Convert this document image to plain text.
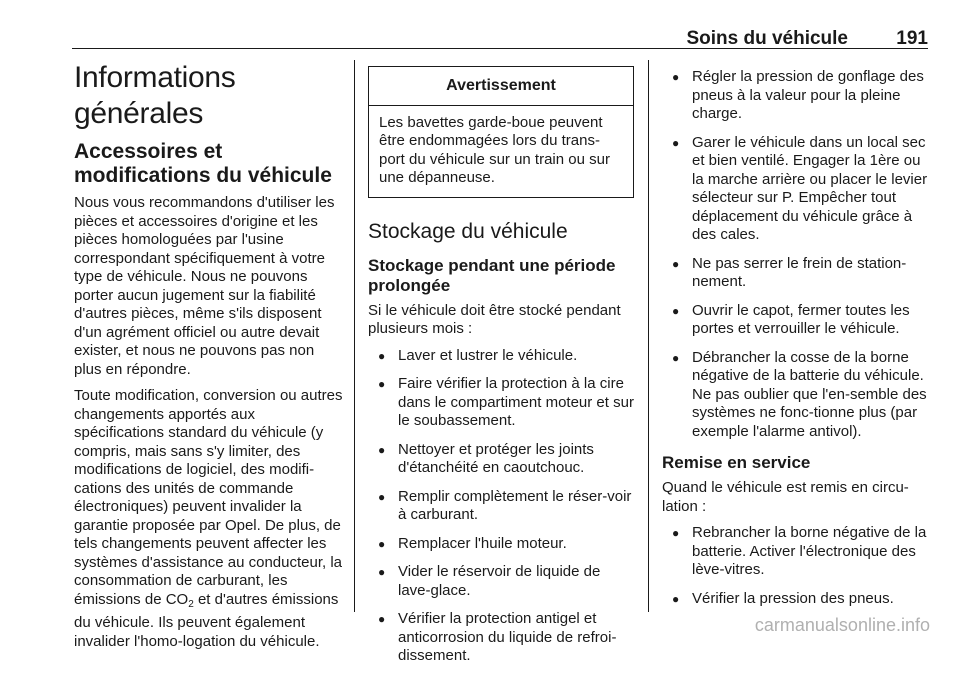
Soins du véhicule	191
Informations générales
Accessoires et modifications du véhicule

Nous vous recommandons d'utiliser les pièces et accessoires d'origine et les pièces homologuées par l'usine correspondant spécifiquement à votre type de véhicule. Nous ne pouvons porter aucun jugement sur la fiabilité d'autres pièces, même s'ils disposent d'un agrément officiel ou autre devait exister, et nous ne pouvons pas non plus en répondre.

Toute modification, conversion ou autres changements apportés aux spécifications standard du véhicule (y compris, mais sans s'y limiter, des modifications de logiciel, des modifi-cations des unités de commande électroniques) peuvent invalider la garantie proposée par Opel. De plus, de tels changements peuvent affecter les systèmes d'assistance au conducteur, la consommation de carburant, les émissions de $CO_2$ et d'autres émissions du véhicule. Ils peuvent également invalider l'homo-logation du véhicule.

Avertissement
Les bavettes garde-boue peuvent être endommagées lors du trans-port du véhicule sur un train ou sur une dépanneuse.
Stockage du véhicule
Stockage pendant une période prolongée

Si le véhicule doit être stocké pendant plusieurs mois :

● Laver et lustrer le véhicule.
● Faire vérifier la protection à la cire dans le compartiment moteur et sur le soubassement.
● Nettoyer et protéger les joints d'étanchéité en caoutchouc.
● Remplir complètement le réser-voir à carburant.
● Remplacer l'huile moteur.
● Vider le réservoir de liquide de lave-glace.
● Vérifier la protection antigel et anticorrosion du liquide de refroi-dissement.
● Régler la pression de gonflage des pneus à la valeur pour la pleine charge.
● Garer le véhicule dans un local sec et bien ventilé. Engager la 1ère ou la marche arrière ou placer le levier sélecteur sur P. Empêcher tout déplacement du véhicule grâce à des cales.
● Ne pas serrer le frein de station-nement.
● Ouvrir le capot, fermer toutes les portes et verrouiller le véhicule.
● Débrancher la cosse de la borne négative de la batterie du véhicule. Ne pas oublier que l'en-semble des systèmes ne fonc-tionne plus (par exemple l'alarme antivol).
Remise en service

Quand le véhicule est remis en circu-lation :

● Rebrancher la borne négative de la batterie. Activer l'électronique des lève-vitres.
● Vérifier la pression des pneus.
carmanualsonline.info
